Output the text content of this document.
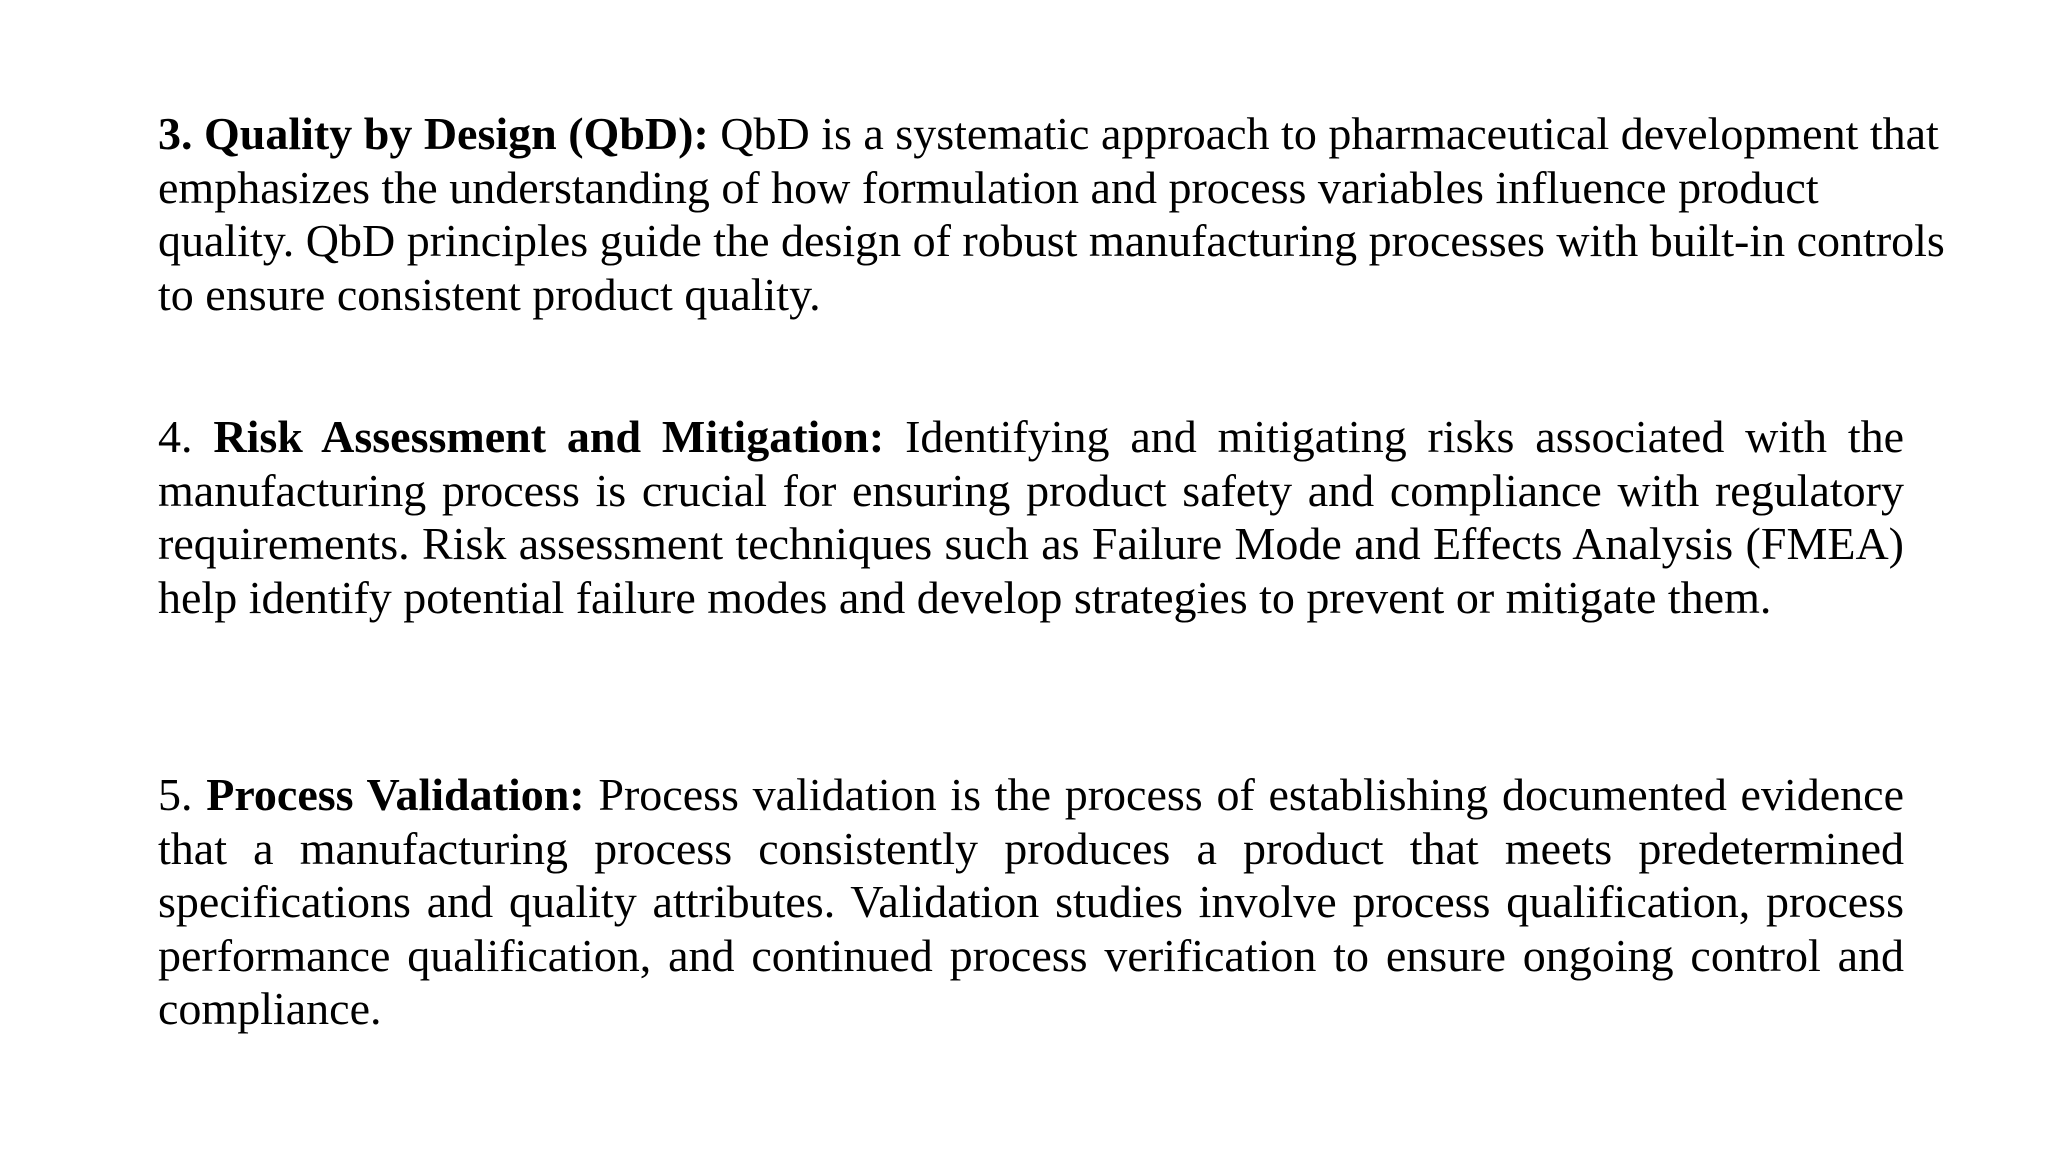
3. Quality by Design (QbD): QbD is a systematic approach to pharmaceutical development that emphasizes the understanding of how formulation and process variables influence product quality. QbD principles guide the design of robust manufacturing processes with built-in controls to ensure consistent product quality.

4. Risk Assessment and Mitigation: Identifying and mitigating risks associated with the manufacturing process is crucial for ensuring product safety and compliance with regulatory requirements. Risk assessment techniques such as Failure Mode and Effects Analysis (FMEA) help identify potential failure modes and develop strategies to prevent or mitigate them.

5. Process Validation: Process validation is the process of establishing documented evidence that a manufacturing process consistently produces a product that meets predetermined specifications and quality attributes. Validation studies involve process qualification, process performance qualification, and continued process verification to ensure ongoing control and compliance.
